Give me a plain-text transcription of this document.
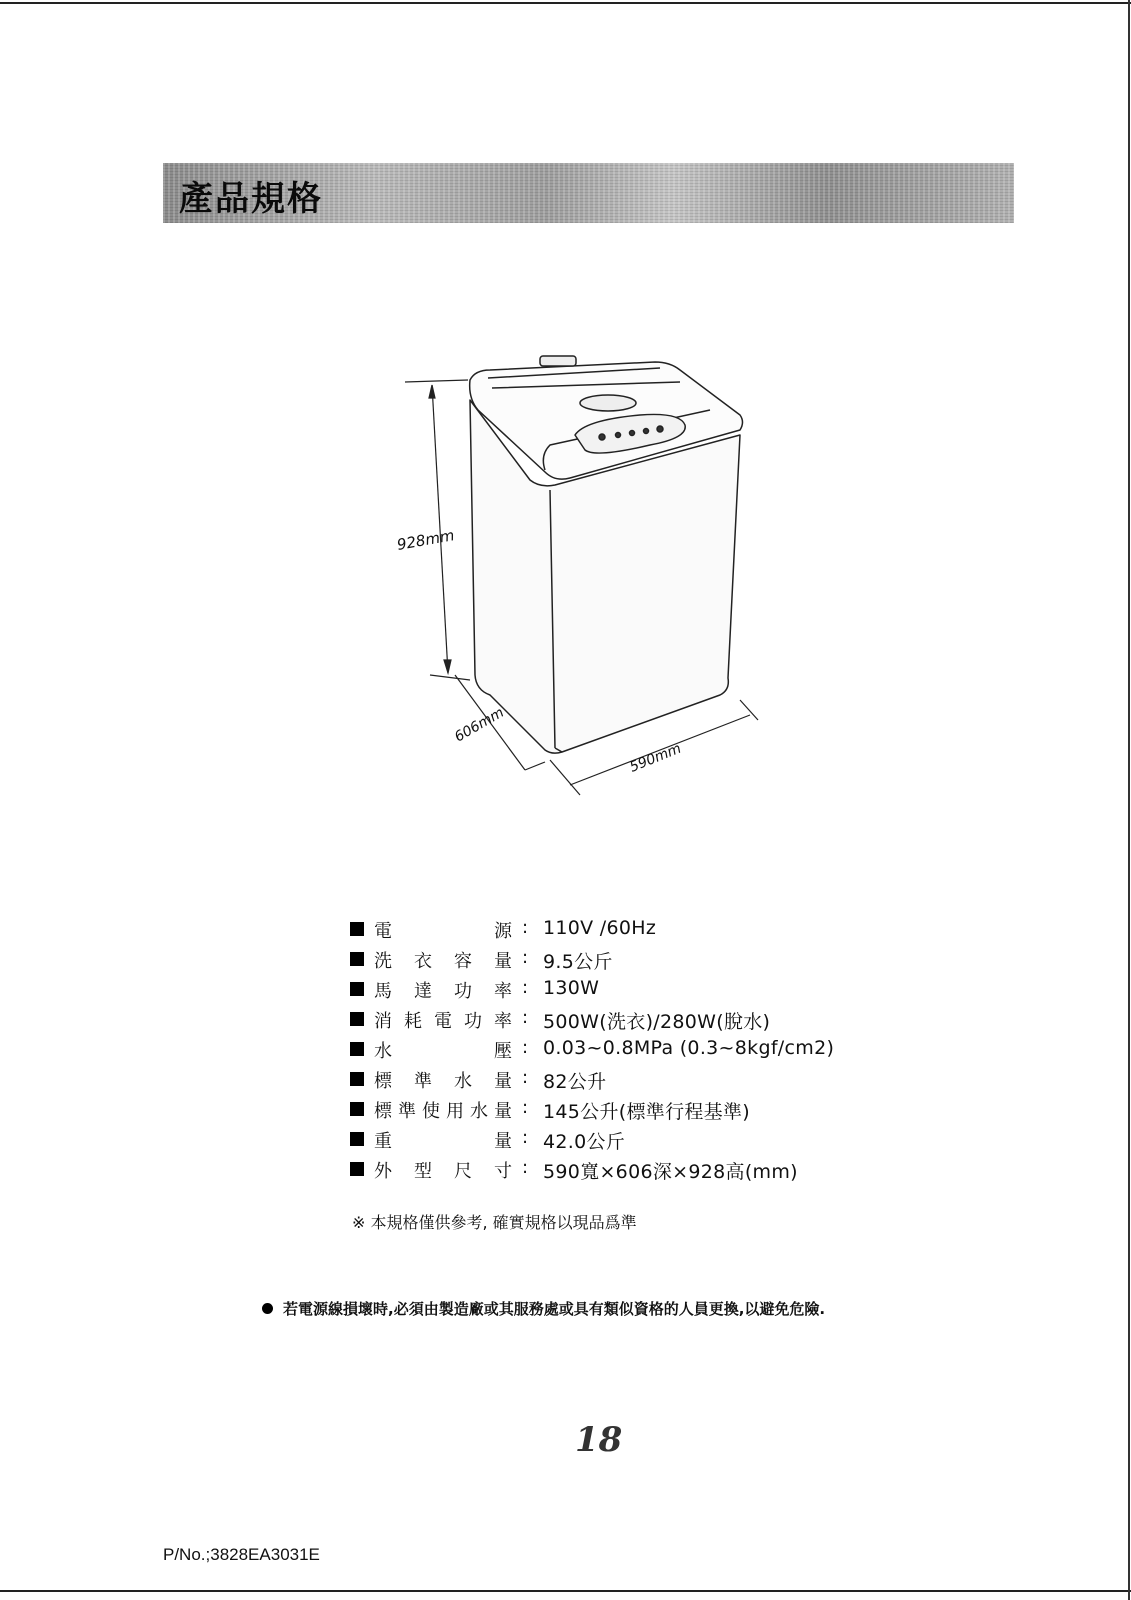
產品規格
928mm
606mm
590mm
電　　源 : 110V /60Hz
洗衣容量 : 9.5公斤
馬達功率 : 130W
消耗電功率 : 500W(洗衣)/280W(脫水)
水　　壓 : 0.03~0.8MPa (0.3~8kgf/cm2)
標準水量 : 82公升
標準使用水量 : 145公升(標準行程基準)
重　　量 : 42.0公斤
外型尺寸 : 590寬×606深×928高(mm)
※ 本規格僅供參考, 確實規格以現品爲準
若電源線損壞時,必須由製造廠或其服務處或具有類似資格的人員更換,以避免危險.
18
P/No.;3828EA3031E
